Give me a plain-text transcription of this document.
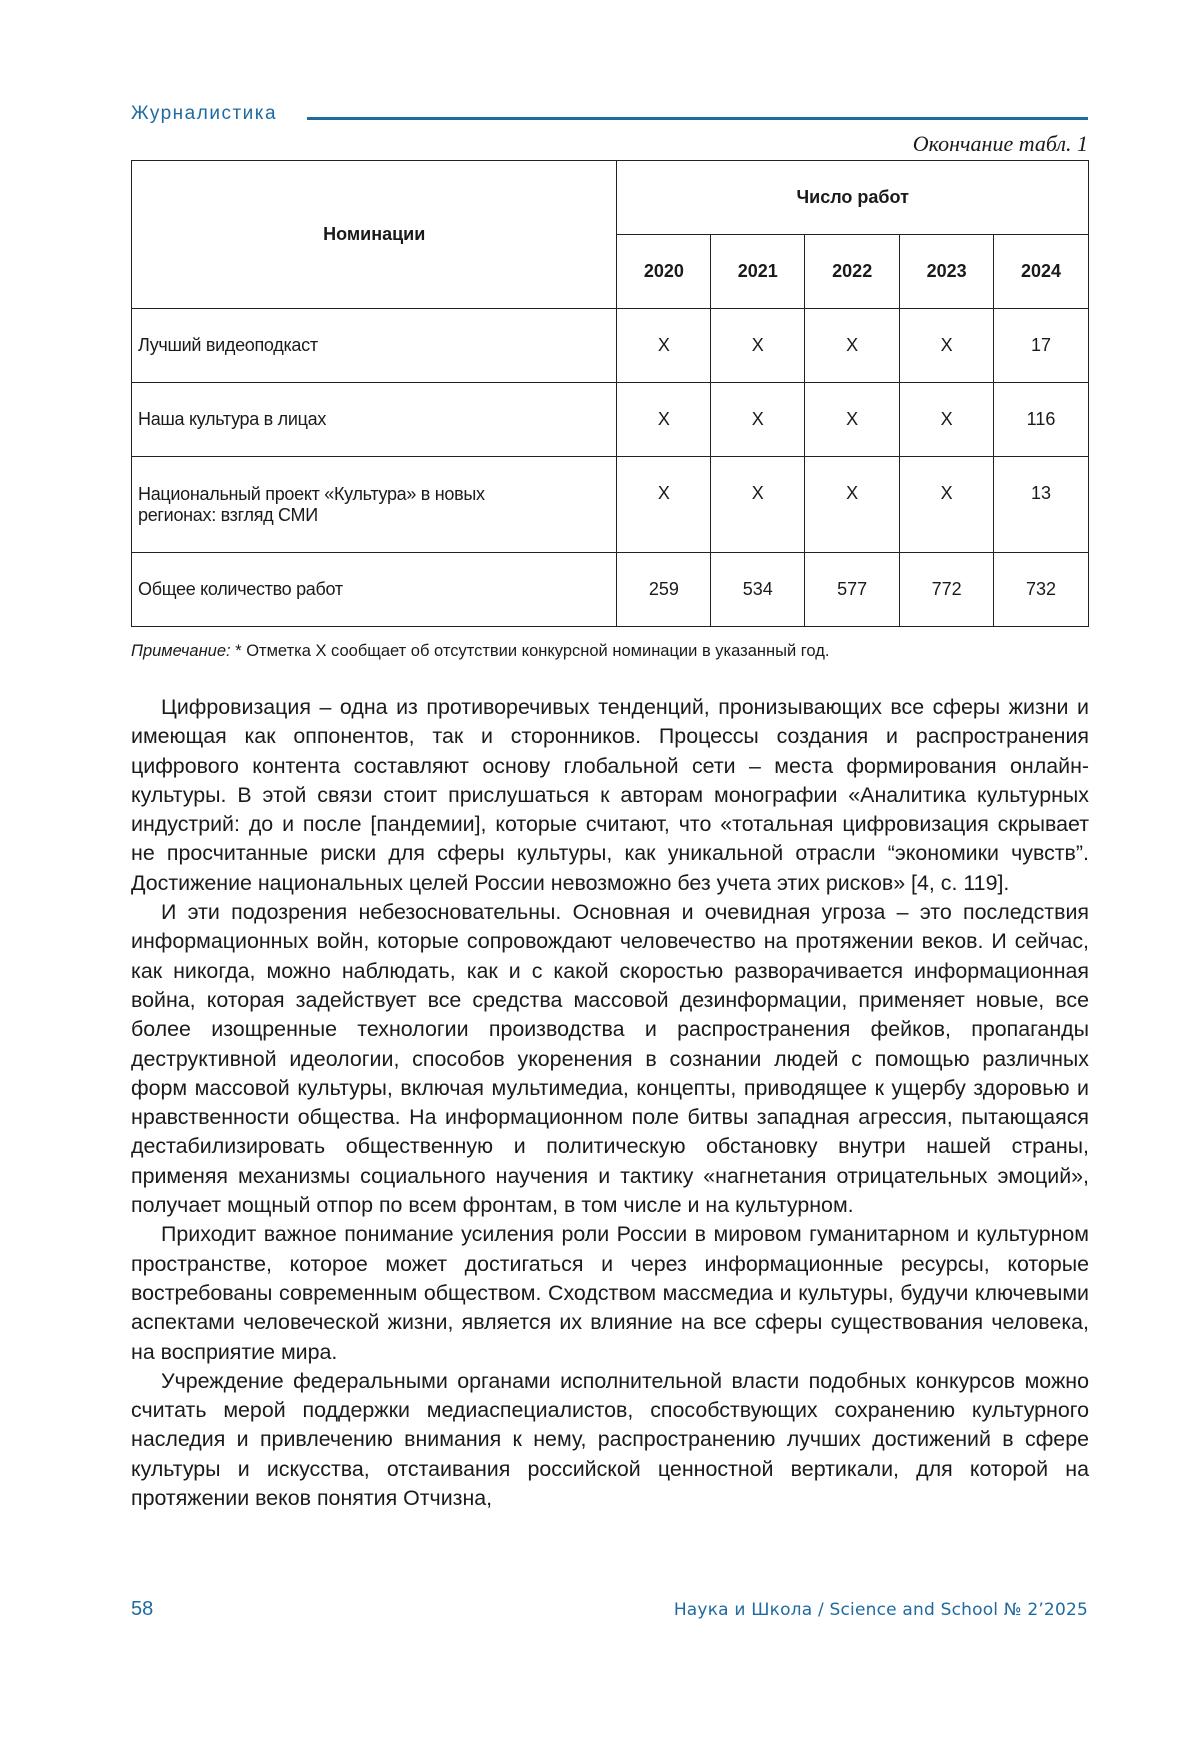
Журналистика
Окончание табл. 1
Номинации	Число работ				
	2020	2021	2022	2023	2024
Лучший видеоподкаст	Х	Х	Х	Х	17
Наша культура в лицах	Х	Х	Х	Х	116
Национальный проект «Культура» в новых регионах: взгляд СМИ	Х	Х	Х	Х	13
Общее количество работ	259	534	577	772	732
Примечание: * Отметка Х сообщает об отсутствии конкурсной номинации в указанный год.

Цифровизация – одна из противоречивых тенденций, пронизывающих все сферы жизни и имеющая как оппонентов, так и сторонников. Процессы создания и распространения цифрового контента составляют основу глобальной сети – места формирования онлайн-культуры. В этой связи стоит прислушаться к авторам монографии «Аналитика культурных индустрий: до и после [пандемии], которые считают, что «тотальная цифровизация скрывает не просчитанные риски для сферы культуры, как уникальной отрасли “экономики чувств”. Достижение национальных целей России невозможно без учета этих рисков» [4, с. 119].

И эти подозрения небезосновательны. Основная и очевидная угроза – это последствия информационных войн, которые сопровождают человечество на протяжении веков. И сейчас, как никогда, можно наблюдать, как и с какой скоростью разворачивается информационная война, которая задействует все средства массовой дезинформации, применяет новые, все более изощренные технологии производства и распространения фейков, пропаганды деструктивной идеологии, способов укоренения в сознании людей с помощью различных форм массовой культуры, включая мультимедиа, концепты, приводящее к ущербу здоровью и нравственности общества. На информационном поле битвы западная агрессия, пытающаяся дестабилизировать общественную и политическую обстановку внутри нашей страны, применяя механизмы социального научения и тактику «нагнетания отрицательных эмоций», получает мощный отпор по всем фронтам, в том числе и на культурном.

Приходит важное понимание усиления роли России в мировом гуманитарном и культурном пространстве, которое может достигаться и через информационные ресурсы, которые востребованы современным обществом. Сходством массмедиа и культуры, будучи ключевыми аспектами человеческой жизни, является их влияние на все сферы существования человека, на восприятие мира.

Учреждение федеральными органами исполнительной власти подобных конкурсов можно считать мерой поддержки медиаспециалистов, способствующих сохранению культурного наследия и привлечению внимания к нему, распространению лучших достижений в сфере культуры и искусства, отстаивания российской ценностной вертикали, для которой на протяжении веков понятия Отчизна,

58	Наука и Школа / Science and School № 2’2025
